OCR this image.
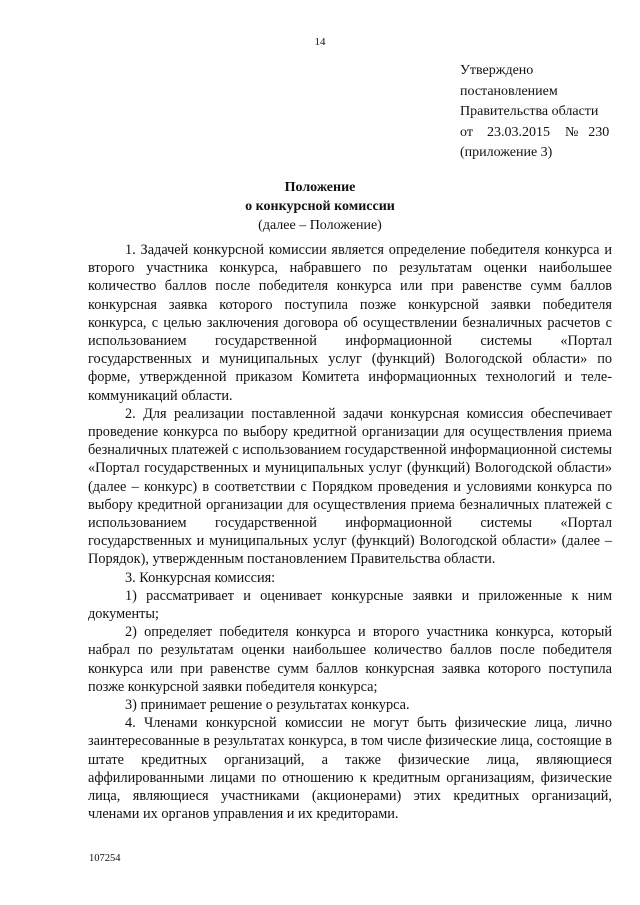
14
Утверждено
постановлением
Правительства области
от 23.03.2015 № 230
(приложение 3)
Положение
о конкурсной комиссии
(далее – Положение)

1. Задачей конкурсной комиссии является определение победителя конкурса и второго участника конкурса, набравшего по результатам оценки наибольшее количество баллов после победителя конкурса или при равенстве сумм баллов конкурсная заявка которого поступила позже конкурсной заявки победителя конкурса, с целью заключения договора об осуществлении безналичных расчетов с использованием государственной информационной системы «Портал государственных и муниципальных услуг (функций) Вологодской области» по форме, утвержденной приказом Комитета информационных технологий и телекоммуникаций области.

2. Для реализации поставленной задачи конкурсная комиссия обеспечивает проведение конкурса по выбору кредитной организации для осуществления приема безналичных платежей с использованием государственной информационной системы «Портал государственных и муниципальных услуг (функций) Вологодской области» (далее – конкурс) в соответствии с Порядком проведения и условиями конкурса по выбору кредитной организации для осуществления приема безналичных платежей с использованием государственной информационной системы «Портал государственных и муниципальных услуг (функций) Вологодской области» (далее – Порядок), утвержденным постановлением Правительства области.

3. Конкурсная комиссия:

1) рассматривает и оценивает конкурсные заявки и приложенные к ним документы;

2) определяет победителя конкурса и второго участника конкурса, который набрал по результатам оценки наибольшее количество баллов после победителя конкурса или при равенстве сумм баллов конкурсная заявка которого поступила позже конкурсной заявки победителя конкурса;

3) принимает решение о результатах конкурса.

4. Членами конкурсной комиссии не могут быть физические лица, лично заинтересованные в результатах конкурса, в том числе физические лица, состоящие в штате кредитных организаций, а также физические лица, являющиеся аффилированными лицами по отношению к кредитным организациям, физические лица, являющиеся участниками (акционерами) этих кредитных организаций, членами их органов управления и их кредиторами.

107254
